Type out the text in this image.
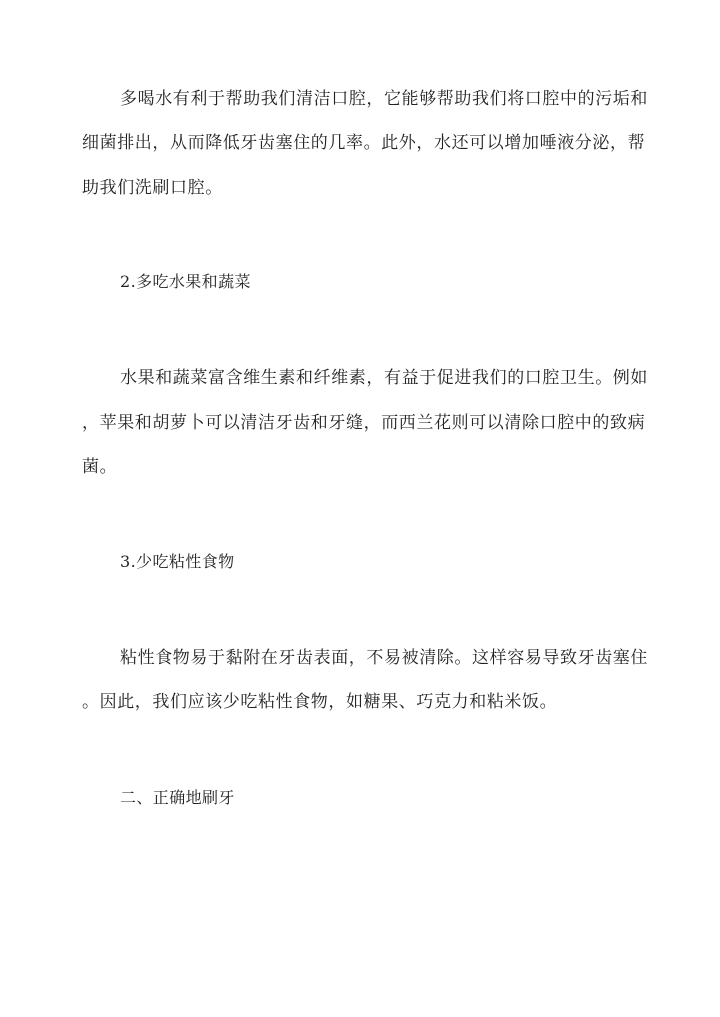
多喝水有利于帮助我们清洁口腔，它能够帮助我们将口腔中的污垢和
细菌排出，从而降低牙齿塞住的几率。此外，水还可以增加唾液分泌，帮
助我们洗刷口腔。
2.多吃水果和蔬菜
水果和蔬菜富含维生素和纤维素，有益于促进我们的口腔卫生。例如
，苹果和胡萝卜可以清洁牙齿和牙缝，而西兰花则可以清除口腔中的致病
菌。
3.少吃粘性食物
粘性食物易于黏附在牙齿表面，不易被清除。这样容易导致牙齿塞住
。因此，我们应该少吃粘性食物，如糖果、巧克力和粘米饭。
二、正确地刷牙
